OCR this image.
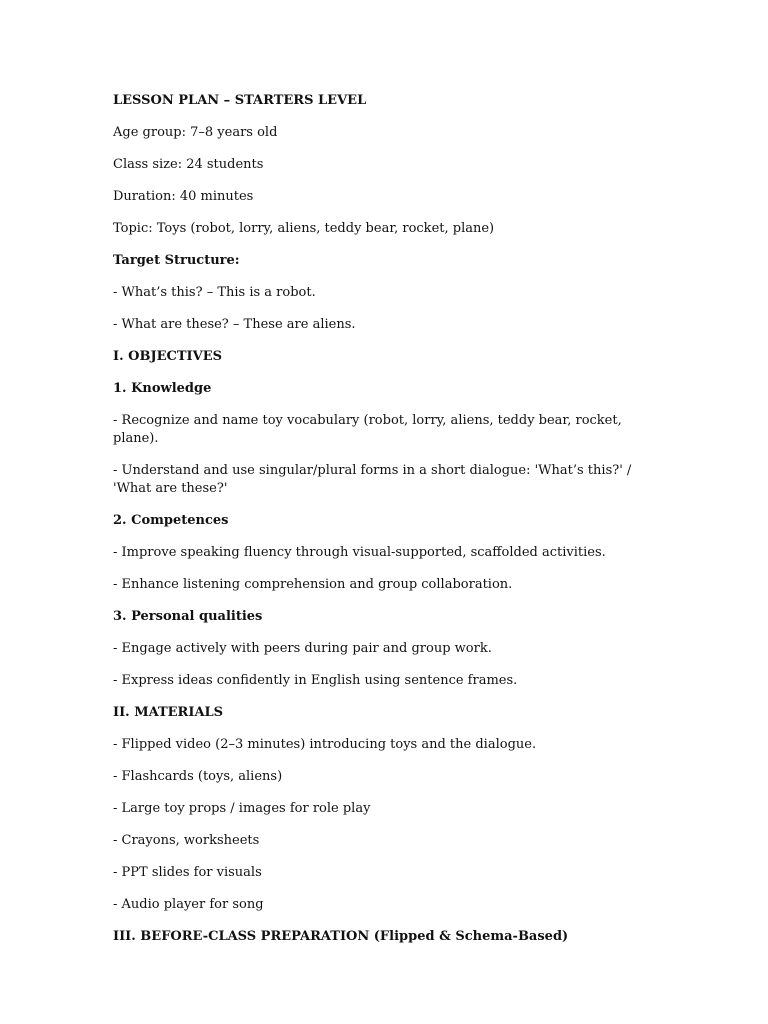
LESSON PLAN – STARTERS LEVEL

Age group: 7–8 years old

Class size: 24 students

Duration: 40 minutes

Topic: Toys (robot, lorry, aliens, teddy bear, rocket, plane)

Target Structure:

- What’s this? – This is a robot.

- What are these? – These are aliens.

I. OBJECTIVES

1. Knowledge

- Recognize and name toy vocabulary (robot, lorry, aliens, teddy bear, rocket, plane).

- Understand and use singular/plural forms in a short dialogue: 'What’s this?' / 'What are these?'

2. Competences

- Improve speaking fluency through visual-supported, scaffolded activities.

- Enhance listening comprehension and group collaboration.

3. Personal qualities

- Engage actively with peers during pair and group work.

- Express ideas confidently in English using sentence frames.

II. MATERIALS

- Flipped video (2–3 minutes) introducing toys and the dialogue.

- Flashcards (toys, aliens)

- Large toy props / images for role play

- Crayons, worksheets

- PPT slides for visuals

- Audio player for song

III. BEFORE-CLASS PREPARATION (Flipped & Schema-Based)
